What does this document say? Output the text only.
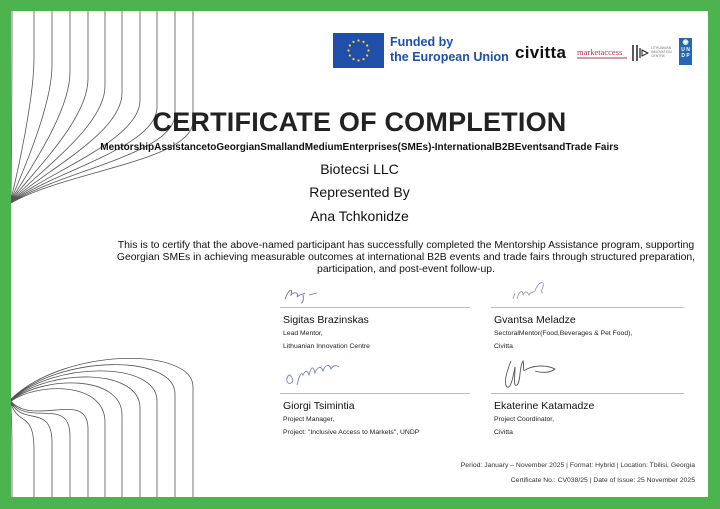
Funded by
the European Union civitta marketaccess	LITHUANIAN
INNOVATION
CENTRE
◉
U N
D P
CERTIFICATE OF COMPLETION
MentorshipAssistancetoGeorgianSmallandMediumEnterprises(SMEs)-InternationalB2BEventsandTrade Fairs
Biotecsi LLC
Represented By
Ana Tchkonidze
This is to certify that the above-named participant has successfully completed the Mentorship Assistance program, supporting Georgian SMEs in achieving measurable outcomes at international B2B events and trade fairs through structured preparation, participation, and post-event follow-up.
Sigitas Brazinskas
Lead Mentor,
Lithuanian Innovation Centre
Gvantsa Meladze
SectoralMentor(Food,Beverages & Pet Food),
Civitta
Giorgi Tsimintia
Project Manager,
Project: "Inclusive Access to Markets", UNDP
Ekaterine Katamadze
Project Coordinator,
Civitta
Period: January – November 2025 | Format: Hybrid | Location: Tbilisi, Georgia
Certificate No.: CV038/25 | Date of Issue: 25 November 2025
